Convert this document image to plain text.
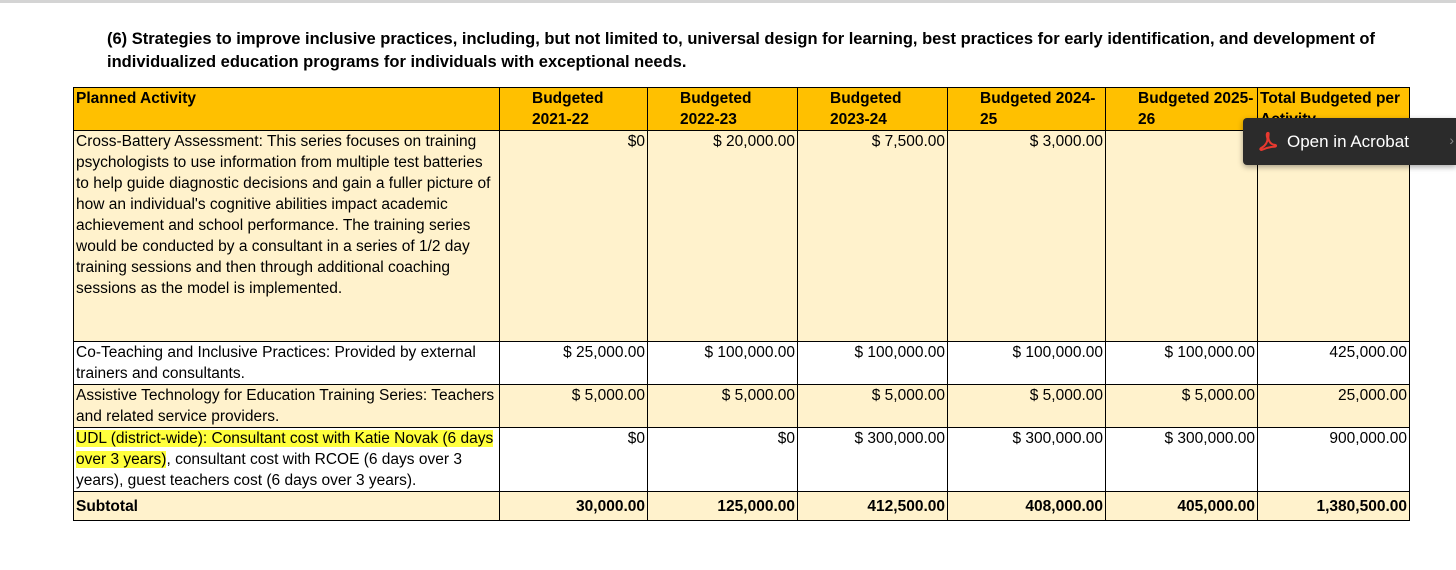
(6) Strategies to improve inclusive practices, including, but not limited to, universal design for learning, best practices for early identification, and development of individualized education programs for individuals with exceptional needs.
Planned Activity	Budgeted 2021-22	Budgeted 2022-23	Budgeted 2023-24	Budgeted 2024-25	Budgeted 2025-26	Total Budgeted per

Cross-Battery Assessment: This series focuses on training psychologists to use information from multiple test batteries to help guide diagnostic decisions and gain a fuller picture of how an individual's cognitive abilities impact academic achievement and school performance. The training series would be conducted by a consultant in a series of 1/2 day training sessions and then through additional coaching sessions as the model is implemented.	$0	$ 20,000.00	$ 7,500.00	$ 3,000.00		
Co-Teaching and Inclusive Practices: Provided by external trainers and consultants.	$ 25,000.00	$ 100,000.00	$ 100,000.00	$ 100,000.00	$ 100,000.00	425,000.00
Assistive Technology for Education Training Series: Teachers and related service providers.	$ 5,000.00	$ 5,000.00	$ 5,000.00	$ 5,000.00	$ 5,000.00	25,000.00
UDL (district-wide): Consultant cost with Katie Novak (6 days over 3 years), consultant cost with RCOE (6 days over 3 years), guest teachers cost (6 days over 3 years).	$0	$0	$ 300,000.00	$ 300,000.00	$ 300,000.00	900,000.00
Subtotal	30,000.00	125,000.00	412,500.00	408,000.00	405,000.00	1,380,500.00
Open in Acrobat	›
